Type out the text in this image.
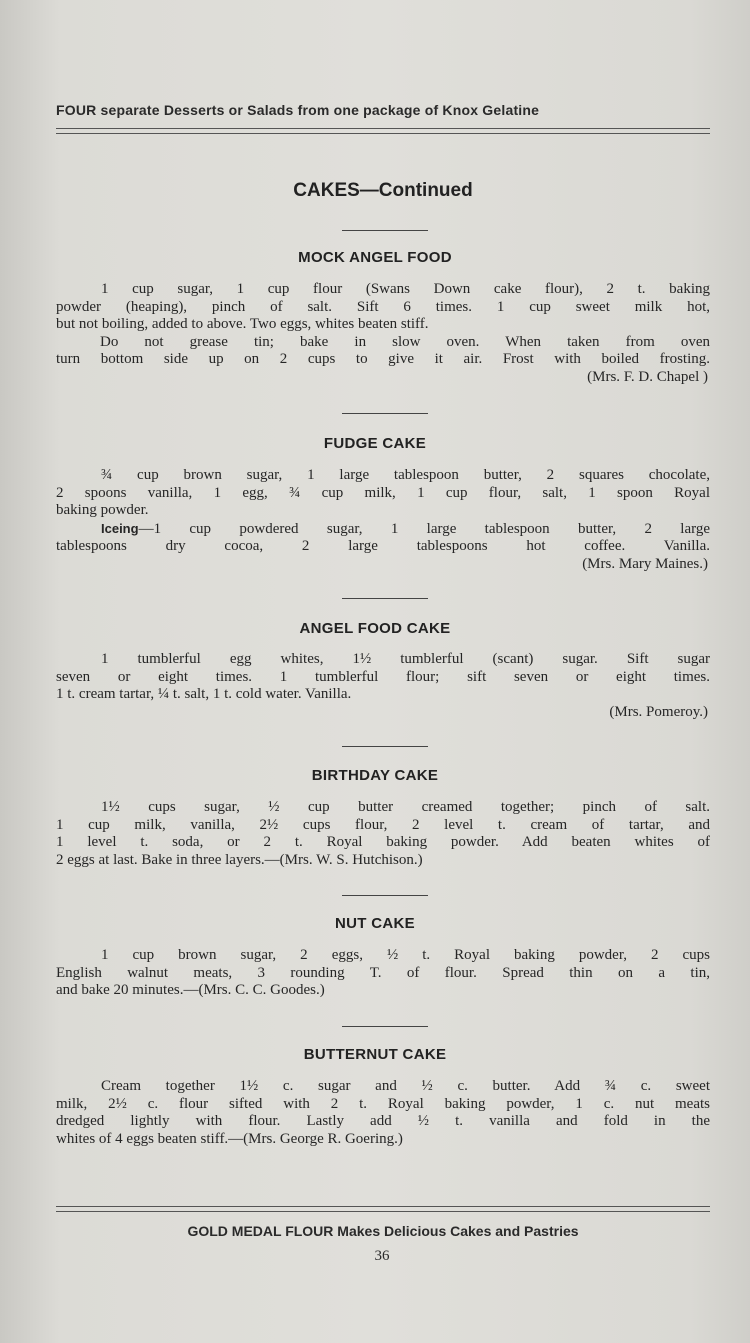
FOUR separate Desserts or Salads from one package of Knox Gelatine
CAKES—Continued
MOCK ANGEL FOOD
1 cup sugar, 1 cup flour (Swans Down cake flour), 2 t. baking
powder (heaping), pinch of salt. Sift 6 times. 1 cup sweet milk hot,
but not boiling, added to above. Two eggs, whites beaten stiff.
Do not grease tin; bake in slow oven. When taken from oven
turn bottom side up on 2 cups to give it air. Frost with boiled frosting.
(Mrs. F. D. Chapel )
FUDGE CAKE
¾ cup brown sugar, 1 large tablespoon butter, 2 squares chocolate,
2 spoons vanilla, 1 egg, ¾ cup milk, 1 cup flour, salt, 1 spoon Royal
baking powder.
Iceing—1 cup powdered sugar, 1 large tablespoon butter, 2 large
tablespoons dry cocoa, 2 large tablespoons hot coffee. Vanilla.
(Mrs. Mary Maines.)
ANGEL FOOD CAKE
1 tumblerful egg whites, 1½ tumblerful (scant) sugar. Sift sugar
seven or eight times. 1 tumblerful flour; sift seven or eight times.
1 t. cream tartar, ¼ t. salt, 1 t. cold water. Vanilla.
(Mrs. Pomeroy.)
BIRTHDAY CAKE
1½ cups sugar, ½ cup butter creamed together; pinch of salt.
1 cup milk, vanilla, 2½ cups flour, 2 level t. cream of tartar, and
1 level t. soda, or 2 t. Royal baking powder. Add beaten whites of
2 eggs at last. Bake in three layers.—(Mrs. W. S. Hutchison.)
NUT CAKE
1 cup brown sugar, 2 eggs, ½ t. Royal baking powder, 2 cups
English walnut meats, 3 rounding T. of flour. Spread thin on a tin,
and bake 20 minutes.—(Mrs. C. C. Goodes.)
BUTTERNUT CAKE
Cream together 1½ c. sugar and ½ c. butter. Add ¾ c. sweet
milk, 2½ c. flour sifted with 2 t. Royal baking powder, 1 c. nut meats
dredged lightly with flour. Lastly add ½ t. vanilla and fold in the
whites of 4 eggs beaten stiff.—(Mrs. George R. Goering.)
GOLD MEDAL FLOUR Makes Delicious Cakes and Pastries
36
